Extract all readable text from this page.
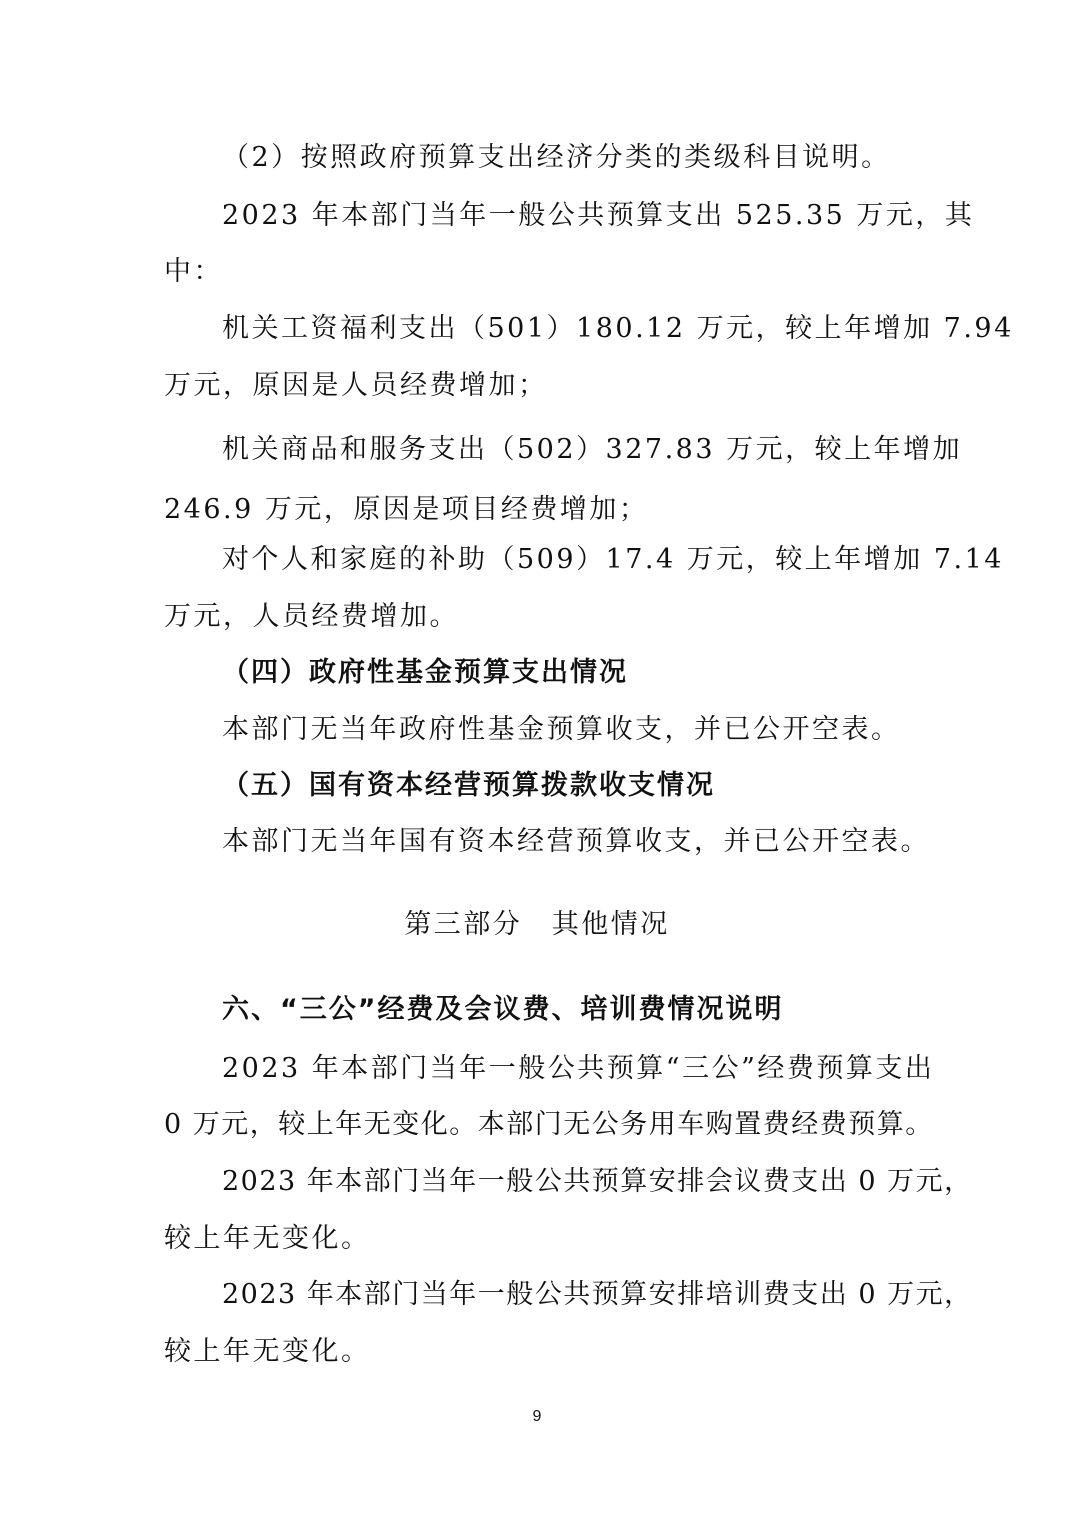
（2）按照政府预算支出经济分类的类级科目说明。
2023 年本部门当年一般公共预算支出 525.35 万元，其
中：
机关工资福利支出（501）180.12 万元，较上年增加 7.94
万元，原因是人员经费增加；
机关商品和服务支出（502）327.83 万元，较上年增加
246.9 万元，原因是项目经费增加；
对个人和家庭的补助（509）17.4 万元，较上年增加 7.14
万元，人员经费增加。
（四）政府性基金预算支出情况
本部门无当年政府性基金预算收支，并已公开空表。
（五）国有资本经营预算拨款收支情况
本部门无当年国有资本经营预算收支，并已公开空表。
第三部分　其他情况
六、“三公”经费及会议费、培训费情况说明
2023 年本部门当年一般公共预算“三公”经费预算支出
0 万元，较上年无变化。本部门无公务用车购置费经费预算。
2023 年本部门当年一般公共预算安排会议费支出 0 万元，
较上年无变化。
2023 年本部门当年一般公共预算安排培训费支出 0 万元，
较上年无变化。
9
